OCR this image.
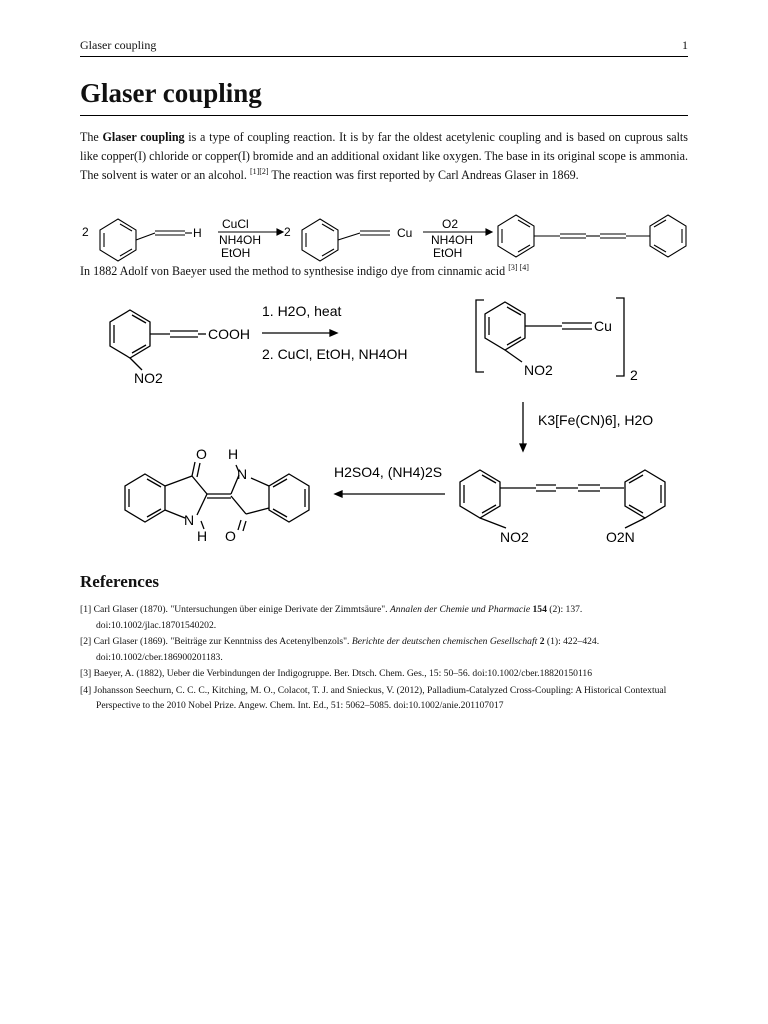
Glaser coupling	1
Glaser coupling

The Glaser coupling is a type of coupling reaction. It is by far the oldest acetylenic coupling and is based on cuprous salts like copper(I) chloride or copper(I) bromide and an additional oxidant like oxygen. The base in its original scope is ammonia. The solvent is water or an alcohol. [1][2] The reaction was first reported by Carl Andreas Glaser in 1869.

2	H
CuCl
NH4OH
EtOH
2	Cu
O2
NH4OH
EtOH

In 1882 Adolf von Baeyer used the method to synthesise indigo dye from cinnamic acid [3] [4]

COOH
NO2
1. H2O, heat
2. CuCl, EtOH, NH4OH
Cu
NO2	2
K3[Fe(CN)6], H2O
H2SO4, (NH4)2S
NO2	O2N
O H
N
N
H O
References
[1] Carl Glaser (1870). "Untersuchungen über einige Derivate der Zimmtsäure". Annalen der Chemie und Pharmacie 154 (2): 137. doi:10.1002/jlac.18701540202.
[2] Carl Glaser (1869). "Beiträge zur Kenntniss des Acetenylbenzols". Berichte der deutschen chemischen Gesellschaft 2 (1): 422–424. doi:10.1002/cber.186900201183.
[3] Baeyer, A. (1882), Ueber die Verbindungen der Indigogruppe. Ber. Dtsch. Chem. Ges., 15: 50–56. doi:10.1002/cber.18820150116
[4] Johansson Seechurn, C. C. C., Kitching, M. O., Colacot, T. J. and Snieckus, V. (2012), Palladium-Catalyzed Cross-Coupling: A Historical Contextual Perspective to the 2010 Nobel Prize. Angew. Chem. Int. Ed., 51: 5062–5085. doi:10.1002/anie.201107017
